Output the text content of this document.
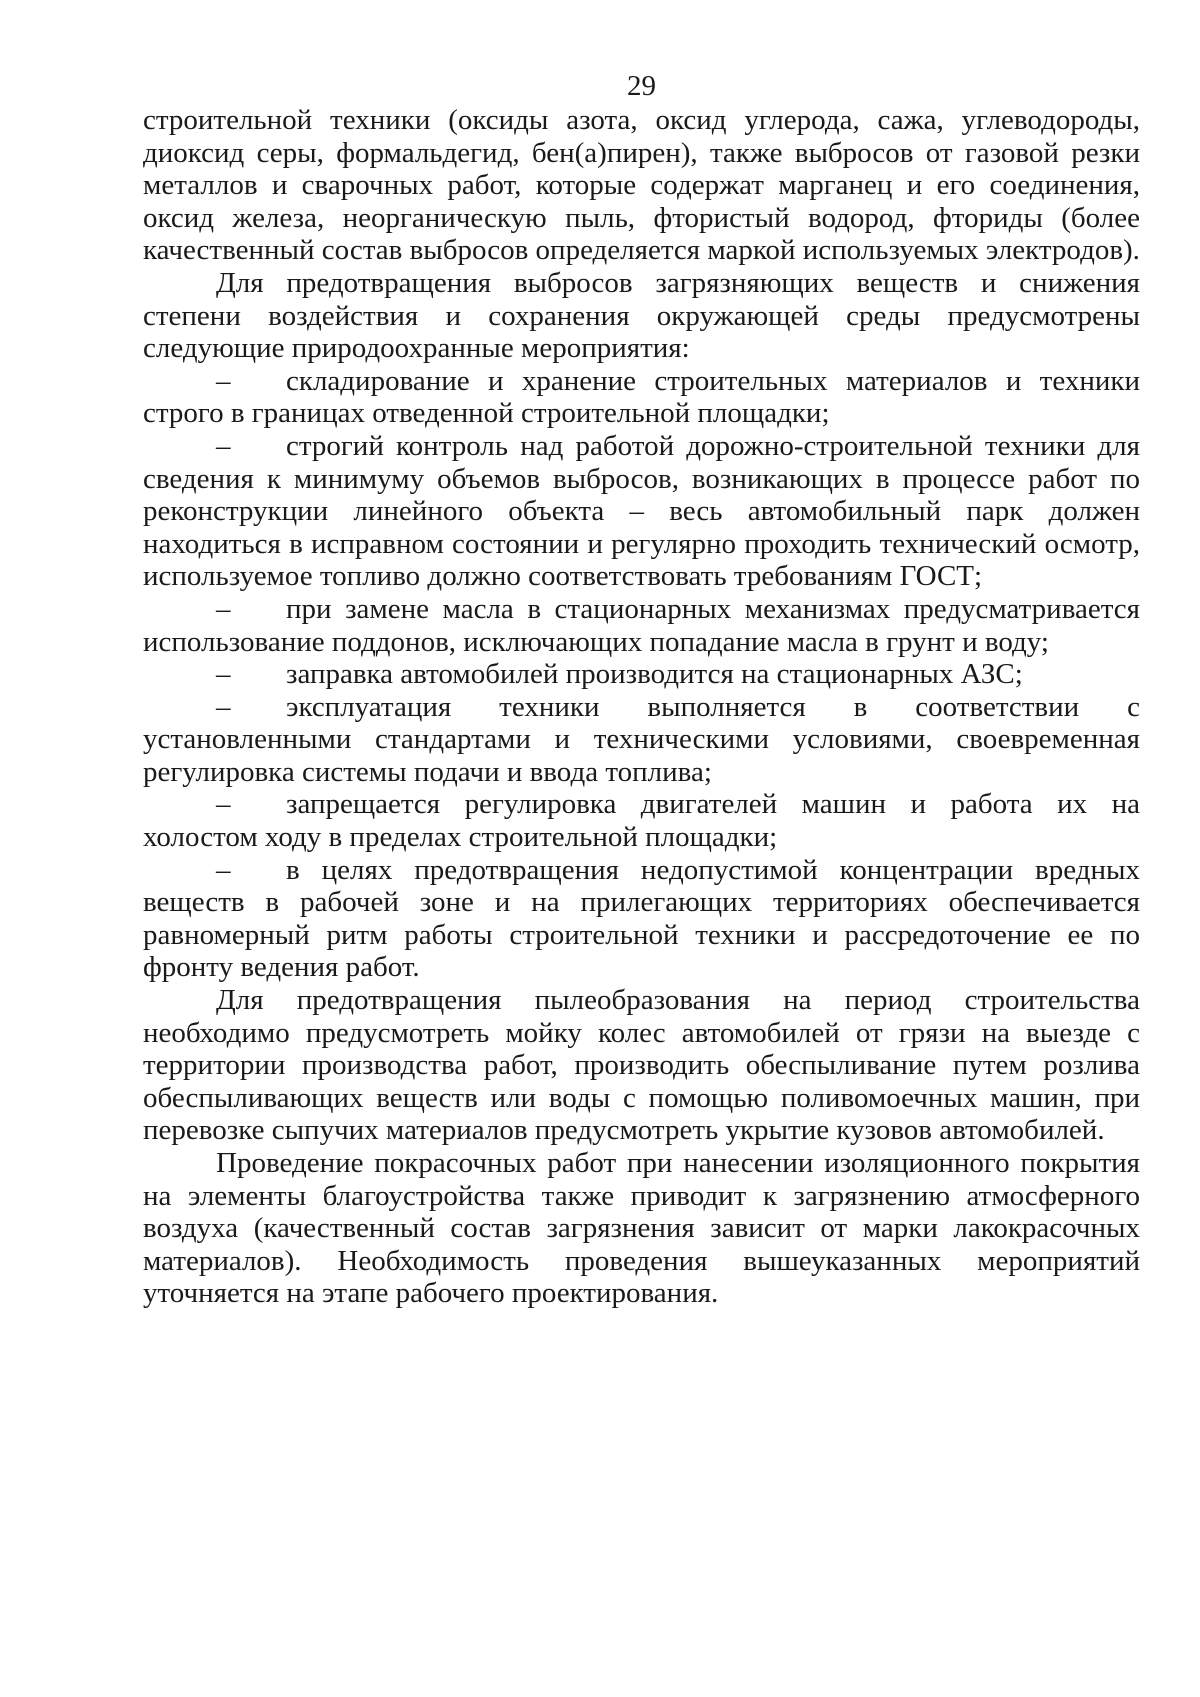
29

строительной техники (оксиды азота, оксид углерода, сажа, углеводороды, диоксид серы, формальдегид, бен(а)пирен), также выбросов от газовой резки металлов и сварочных работ, которые содержат марганец и его соединения, оксид железа, неорганическую пыль, фтористый водород, фториды (более качественный состав выбросов определяется маркой используемых электродов).

Для предотвращения выбросов загрязняющих веществ и снижения степени воздействия и сохранения окружающей среды предусмотрены следующие природоохранные мероприятия:

– складирование и хранение строительных материалов и техники строго в границах отведенной строительной площадки;
– строгий контроль над работой дорожно-строительной техники для сведения к минимуму объемов выбросов, возникающих в процессе работ по реконструкции линейного объекта – весь автомобильный парк должен находиться в исправном состоянии и регулярно проходить технический осмотр, используемое топливо должно соответствовать требованиям ГОСТ;
– при замене масла в стационарных механизмах предусматривается использование поддонов, исключающих попадание масла в грунт и воду;
– заправка автомобилей производится на стационарных АЗС;
– эксплуатация техники выполняется в соответствии с установленными стандартами и техническими условиями, своевременная регулировка системы подачи и ввода топлива;
– запрещается регулировка двигателей машин и работа их на холостом ходу в пределах строительной площадки;
– в целях предотвращения недопустимой концентрации вредных веществ в рабочей зоне и на прилегающих территориях обеспечивается равномерный ритм работы строительной техники и рассредоточение ее по фронту ведения работ.

Для предотвращения пылеобразования на период строительства необходимо предусмотреть мойку колес автомобилей от грязи на выезде с территории производства работ, производить обеспыливание путем розлива обеспыливающих веществ или воды с помощью поливомоечных машин, при перевозке сыпучих материалов предусмотреть укрытие кузовов автомобилей.

Проведение покрасочных работ при нанесении изоляционного покрытия на элементы благоустройства также приводит к загрязнению атмосферного воздуха (качественный состав загрязнения зависит от марки лакокрасочных материалов). Необходимость проведения вышеуказанных мероприятий уточняется на этапе рабочего проектирования.
